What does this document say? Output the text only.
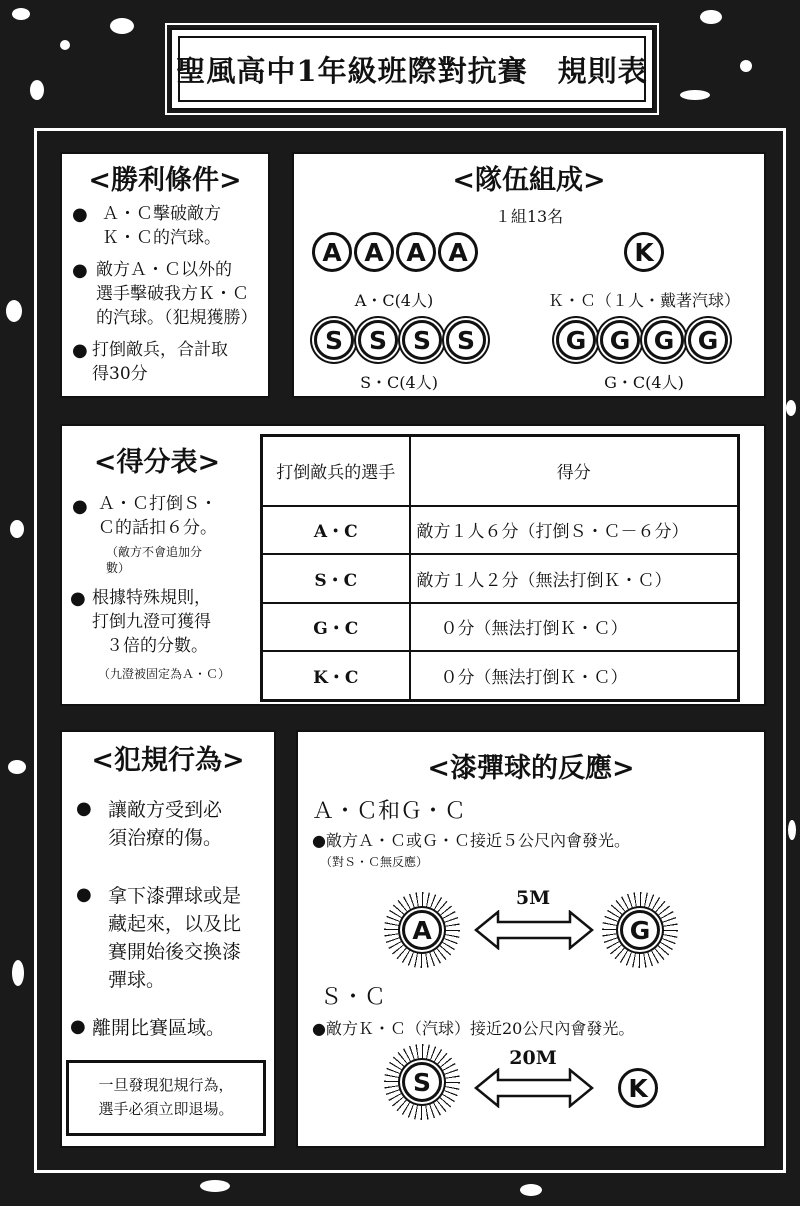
聖風高中1年級班際對抗賽　規則表
<勝利條件>
● Ａ・Ｃ擊破敵方
Ｋ・Ｃ的汽球。
● 敵方Ａ・Ｃ以外的
選手擊破我方Ｋ・Ｃ
的汽球。（犯規獲勝）
● 打倒敵兵，合計取
得30分
<隊伍組成>
１組13名
A A A A
A・C(4人)
K
Ｋ・Ｃ（１人・戴著汽球）
S	S	S	S
S・C(4人)
G G G G
G・C(4人)
<得分表>
● Ａ・Ｃ打倒Ｓ・
Ｃ的話扣６分。
（敵方不會追加分
數）
● 根據特殊規則，
打倒九澄可獲得
３倍的分數。
（九澄被固定為Ａ・Ｃ）
打倒敵兵的選手	得分
A・C	敵方１人６分（打倒Ｓ・Ｃ－６分）
S・C	敵方１人２分（無法打倒Ｋ・Ｃ）
G・C	０分（無法打倒Ｋ・Ｃ）
K・C	０分（無法打倒Ｋ・Ｃ）
<犯規行為>
● 讓敵方受到必
須治療的傷。
● 拿下漆彈球或是
藏起來，以及比
賽開始後交換漆
彈球。
● 離開比賽區域。
一旦發現犯規行為，
選手必須立即退場。
<漆彈球的反應>
Ａ・Ｃ和Ｇ・Ｃ
●敵方Ａ・Ｃ或Ｇ・Ｃ接近５公尺內會發光。
（對Ｓ・Ｃ無反應）
A
5M
G
Ｓ・Ｃ
●敵方Ｋ・Ｃ（汽球）接近20公尺內會發光。
S
20M
K
